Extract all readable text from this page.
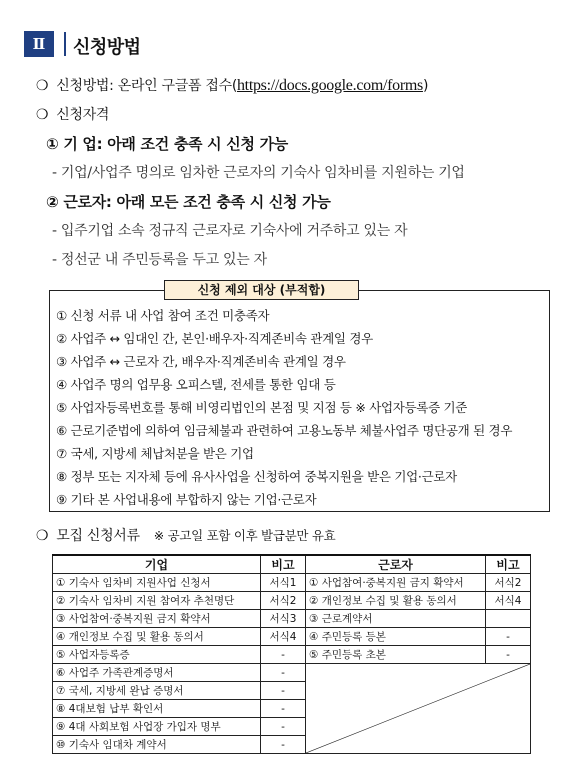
Ⅱ	신청방법
❍ 신청방법: 온라인 구글폼 접수(https://docs.google.com/forms)
❍ 신청자격
① 기 업: 아래 조건 충족 시 신청 가능
- 기업/사업주 명의로 임차한 근로자의 기숙사 임차비를 지원하는 기업
② 근로자: 아래 모든 조건 충족 시 신청 가능
- 입주기업 소속 정규직 근로자로 기숙사에 거주하고 있는 자
- 정선군 내 주민등록을 두고 있는 자
신청 제외 대상 (부적합)
① 신청 서류 내 사업 참여 조건 미충족자
② 사업주 ↔ 임대인 간, 본인·배우자·직계존비속 관계일 경우
③ 사업주 ↔ 근로자 간, 배우자·직계존비속 관계일 경우
④ 사업주 명의 업무용 오피스텔, 전세를 통한 임대 등
⑤ 사업자등록번호를 통해 비영리법인의 본점 및 지점 등 ※ 사업자등록증 기준
⑥ 근로기준법에 의하여 임금체불과 관련하여 고용노동부 체불사업주 명단공개 된 경우
⑦ 국세, 지방세 체납처분을 받은 기업
⑧ 정부 또는 지자체 등에 유사사업을 신청하여 중복지원을 받은 기업·근로자
⑨ 기타 본 사업내용에 부합하지 않는 기업·근로자
❍ 모집 신청서류 ※ 공고일 포함 이후 발급분만 유효
기업	비고	근로자	비고
① 기숙사 임차비 지원사업 신청서	서식1	① 사업참여·중복지원 금지 확약서	서식2
② 기숙사 임차비 지원 참여자 추천명단	서식2	② 개인정보 수집 및 활용 동의서	서식4
③ 사업참여·중복지원 금지 확약서	서식3	③ 근로계약서	
④ 개인정보 수집 및 활용 동의서	서식4	④ 주민등록 등본	-
⑤ 사업자등록증	-	⑤ 주민등록 초본	-
⑥ 사업주 가족관계증명서	-	

⑦ 국세, 지방세 완납 증명서	-		
⑧ 4대보험 납부 확인서	-		
⑨ 4대 사회보험 사업장 가입자 명부	-		
⑩ 기숙사 임대차 계약서	-		
